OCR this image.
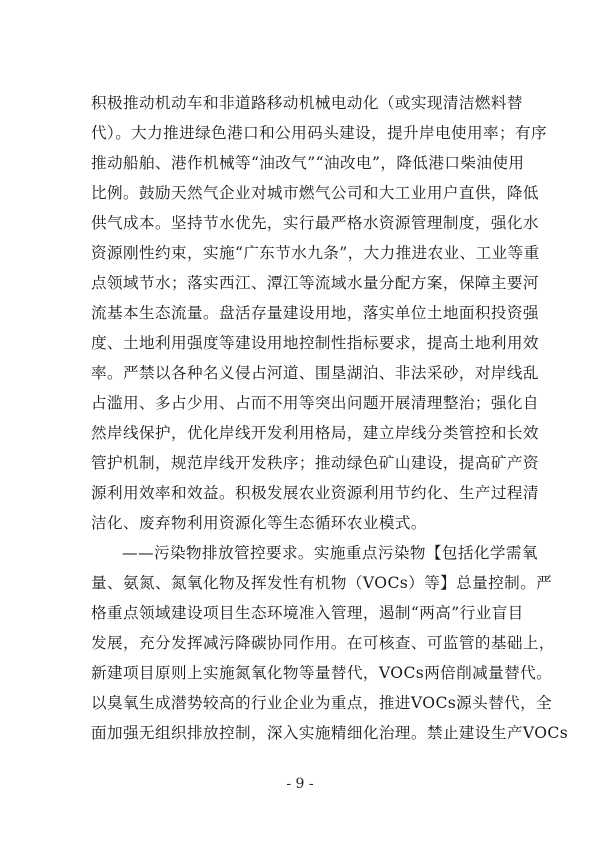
积极推动机动车和非道路移动机械电动化（或实现清洁燃料替
代）。大力推进绿色港口和公用码头建设，提升岸电使用率；有序
推动船舶、港作机械等“油改气”“油改电”，降低港口柴油使用
比例。鼓励天然气企业对城市燃气公司和大工业用户直供，降低
供气成本。坚持节水优先，实行最严格水资源管理制度，强化水
资源刚性约束，实施“广东节水九条”，大力推进农业、工业等重
点领域节水；落实西江、潭江等流域水量分配方案，保障主要河
流基本生态流量。盘活存量建设用地，落实单位土地面积投资强
度、土地利用强度等建设用地控制性指标要求，提高土地利用效
率。严禁以各种名义侵占河道、围垦湖泊、非法采砂，对岸线乱
占滥用、多占少用、占而不用等突出问题开展清理整治；强化自
然岸线保护，优化岸线开发利用格局，建立岸线分类管控和长效
管护机制，规范岸线开发秩序；推动绿色矿山建设，提高矿产资
源利用效率和效益。积极发展农业资源利用节约化、生产过程清
洁化、废弃物利用资源化等生态循环农业模式。
——污染物排放管控要求。实施重点污染物【包括化学需氧
量、氨氮、氮氧化物及挥发性有机物（VOCs）等】总量控制。严
格重点领域建设项目生态环境准入管理，遏制“两高”行业盲目
发展，充分发挥减污降碳协同作用。在可核查、可监管的基础上，
新建项目原则上实施氮氧化物等量替代，VOCs两倍削减量替代。
以臭氧生成潜势较高的行业企业为重点，推进VOCs源头替代，全
面加强无组织排放控制，深入实施精细化治理。禁止建设生产VOCs
- 9 -
